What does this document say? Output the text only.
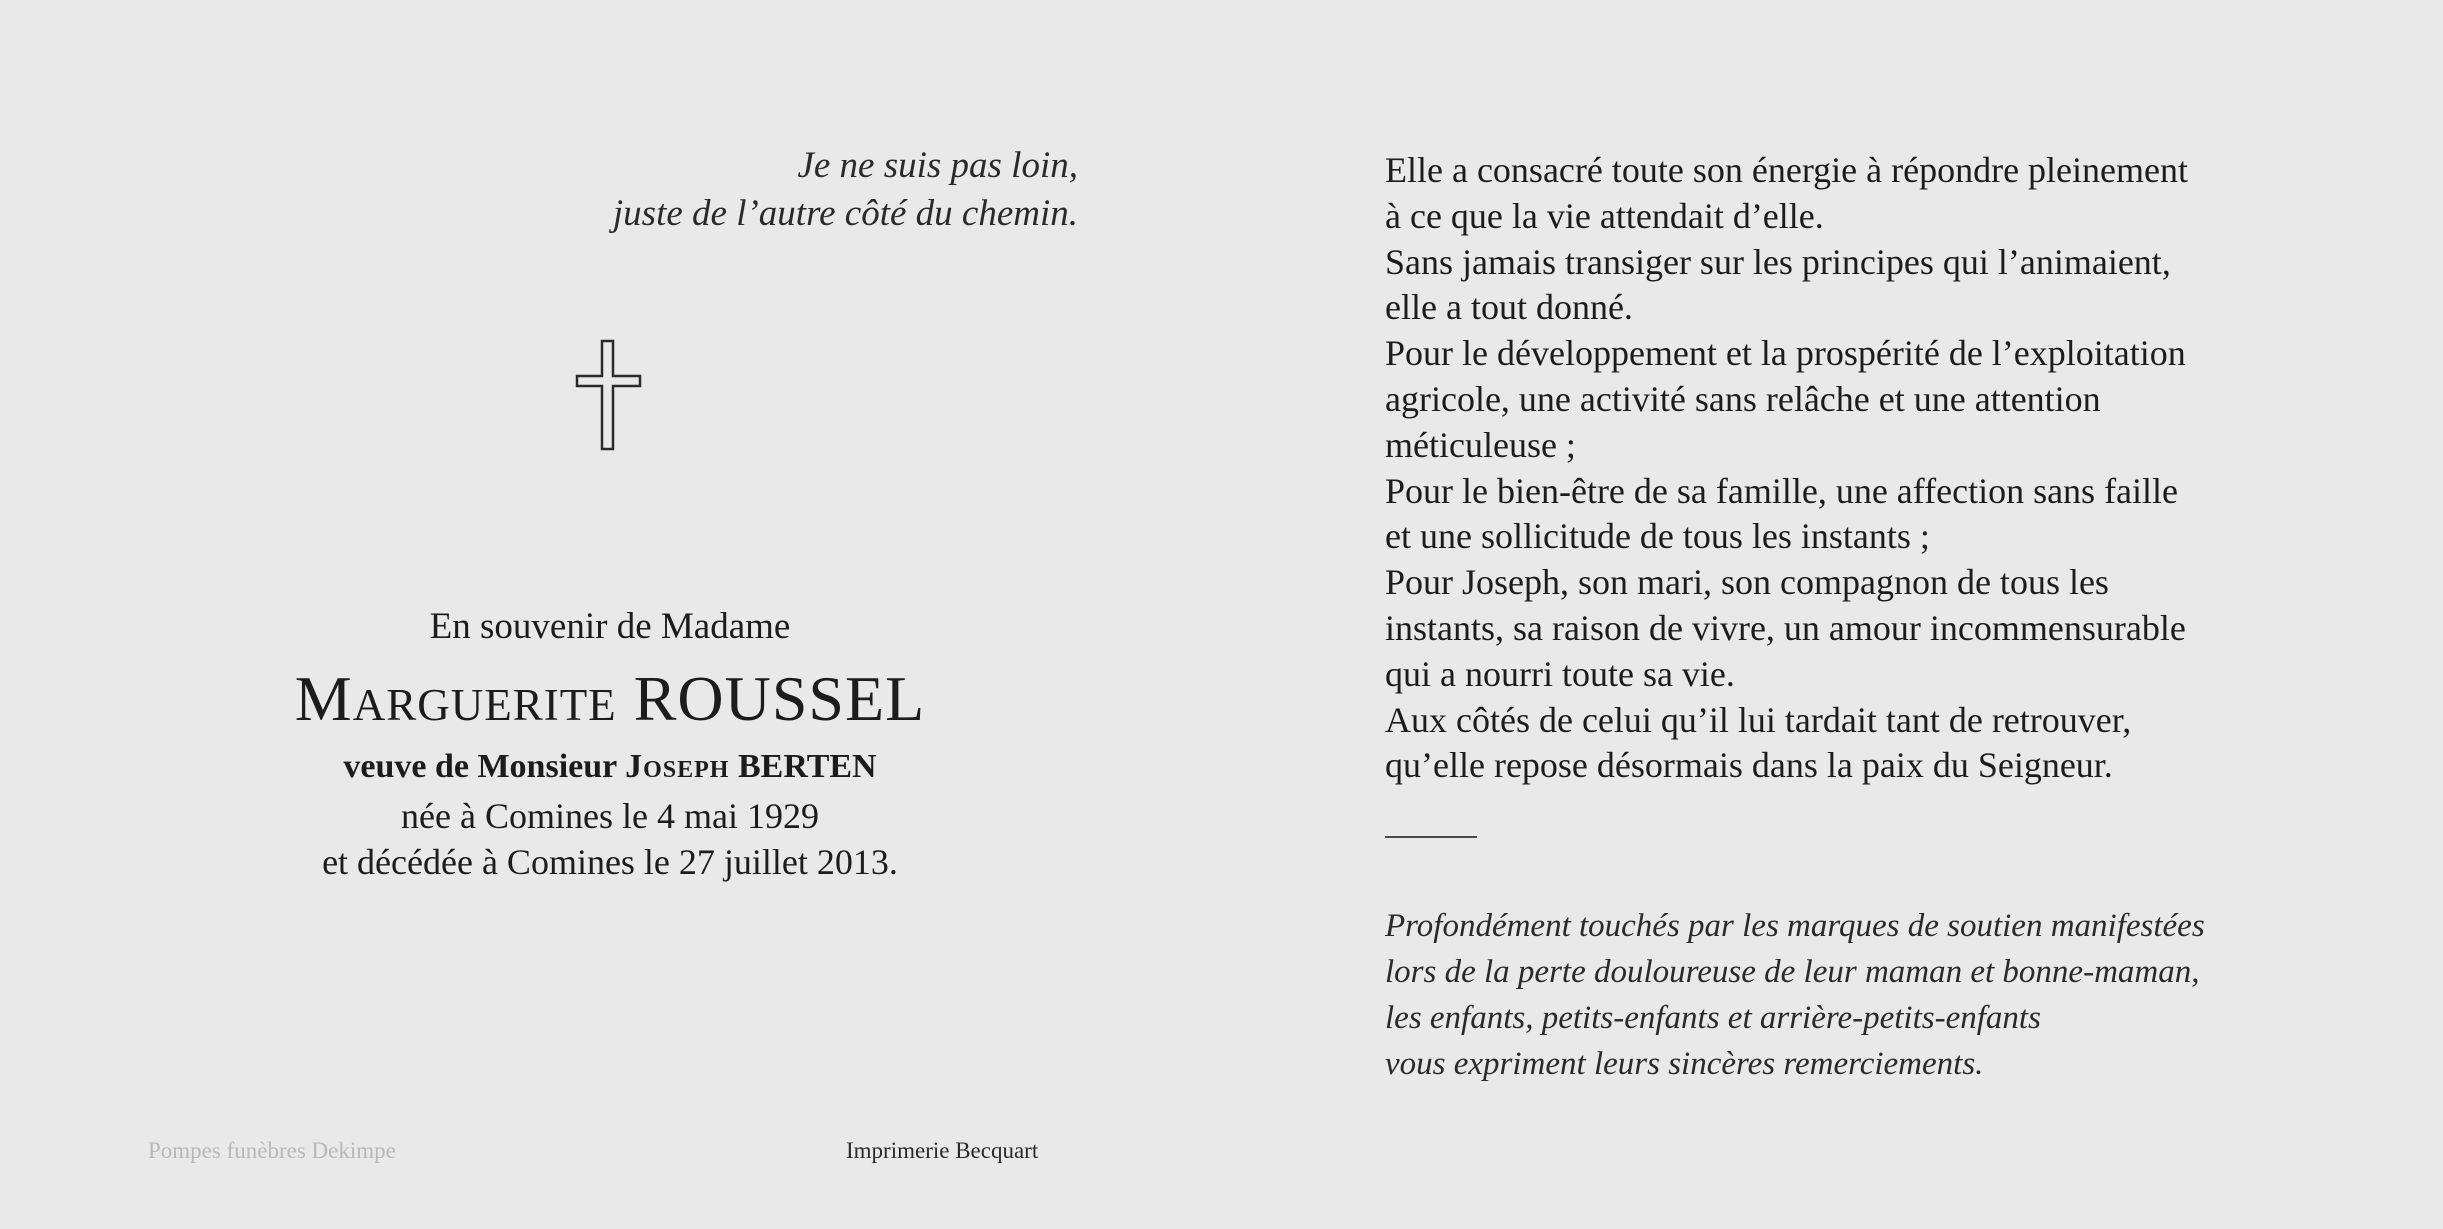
Je ne suis pas loin,
juste de l’autre côté du chemin.
En souvenir de Madame
Marguerite ROUSSEL
veuve de Monsieur Joseph BERTEN
née à Comines le 4 mai 1929
et décédée à Comines le 27 juillet 2013.
Pompes funèbres Dekimpe	Imprimerie Becquart
Elle a consacré toute son énergie à répondre pleinement
à ce que la vie attendait d’elle.
Sans jamais transiger sur les principes qui l’animaient,
elle a tout donné.
Pour le développement et la prospérité de l’exploitation
agricole, une activité sans relâche et une attention
méticuleuse ;
Pour le bien-être de sa famille, une affection sans faille
et une sollicitude de tous les instants ;
Pour Joseph, son mari, son compagnon de tous les
instants, sa raison de vivre, un amour incommensurable
qui a nourri toute sa vie.
Aux côtés de celui qu’il lui tardait tant de retrouver,
qu’elle repose désormais dans la paix du Seigneur.
Profondément touchés par les marques de soutien manifestées
lors de la perte douloureuse de leur maman et bonne-maman,
les enfants, petits-enfants et arrière-petits-enfants
vous expriment leurs sincères remerciements.
